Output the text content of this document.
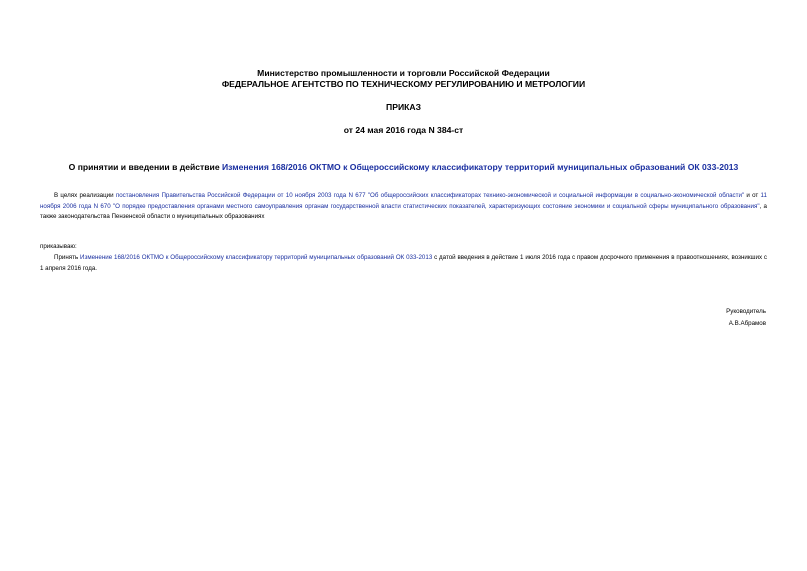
Министерство промышленности и торговли Российской Федерации
ФЕДЕРАЛЬНОЕ АГЕНТСТВО ПО ТЕХНИЧЕСКОМУ РЕГУЛИРОВАНИЮ И МЕТРОЛОГИИ
ПРИКАЗ
от 24 мая 2016 года N 384-ст
О принятии и введении в действие Изменения 168/2016 ОКТМО к Общероссийскому классификатору территорий муниципальных образований ОК 033-2013
В целях реализации постановления Правительства Российской Федерации от 10 ноября 2003 года N 677 "Об общероссийских классификаторах технико-экономической и социальной информации в социально-экономической области" и от 11 ноября 2006 года N 670 "О порядке предоставления органами местного самоуправления органам государственной власти статистических показателей, характеризующих состояние экономики и социальной сферы муниципального образования", а также законодательства Пензенской области о муниципальных образованиях
приказываю:
Принять Изменение 168/2016 ОКТМО к Общероссийскому классификатору территорий муниципальных образований ОК 033-2013 с датой введения в действие 1 июля 2016 года с правом досрочного применения в правоотношениях, возникших с 1 апреля 2016 года.
Руководитель
А.В.Абрамов
